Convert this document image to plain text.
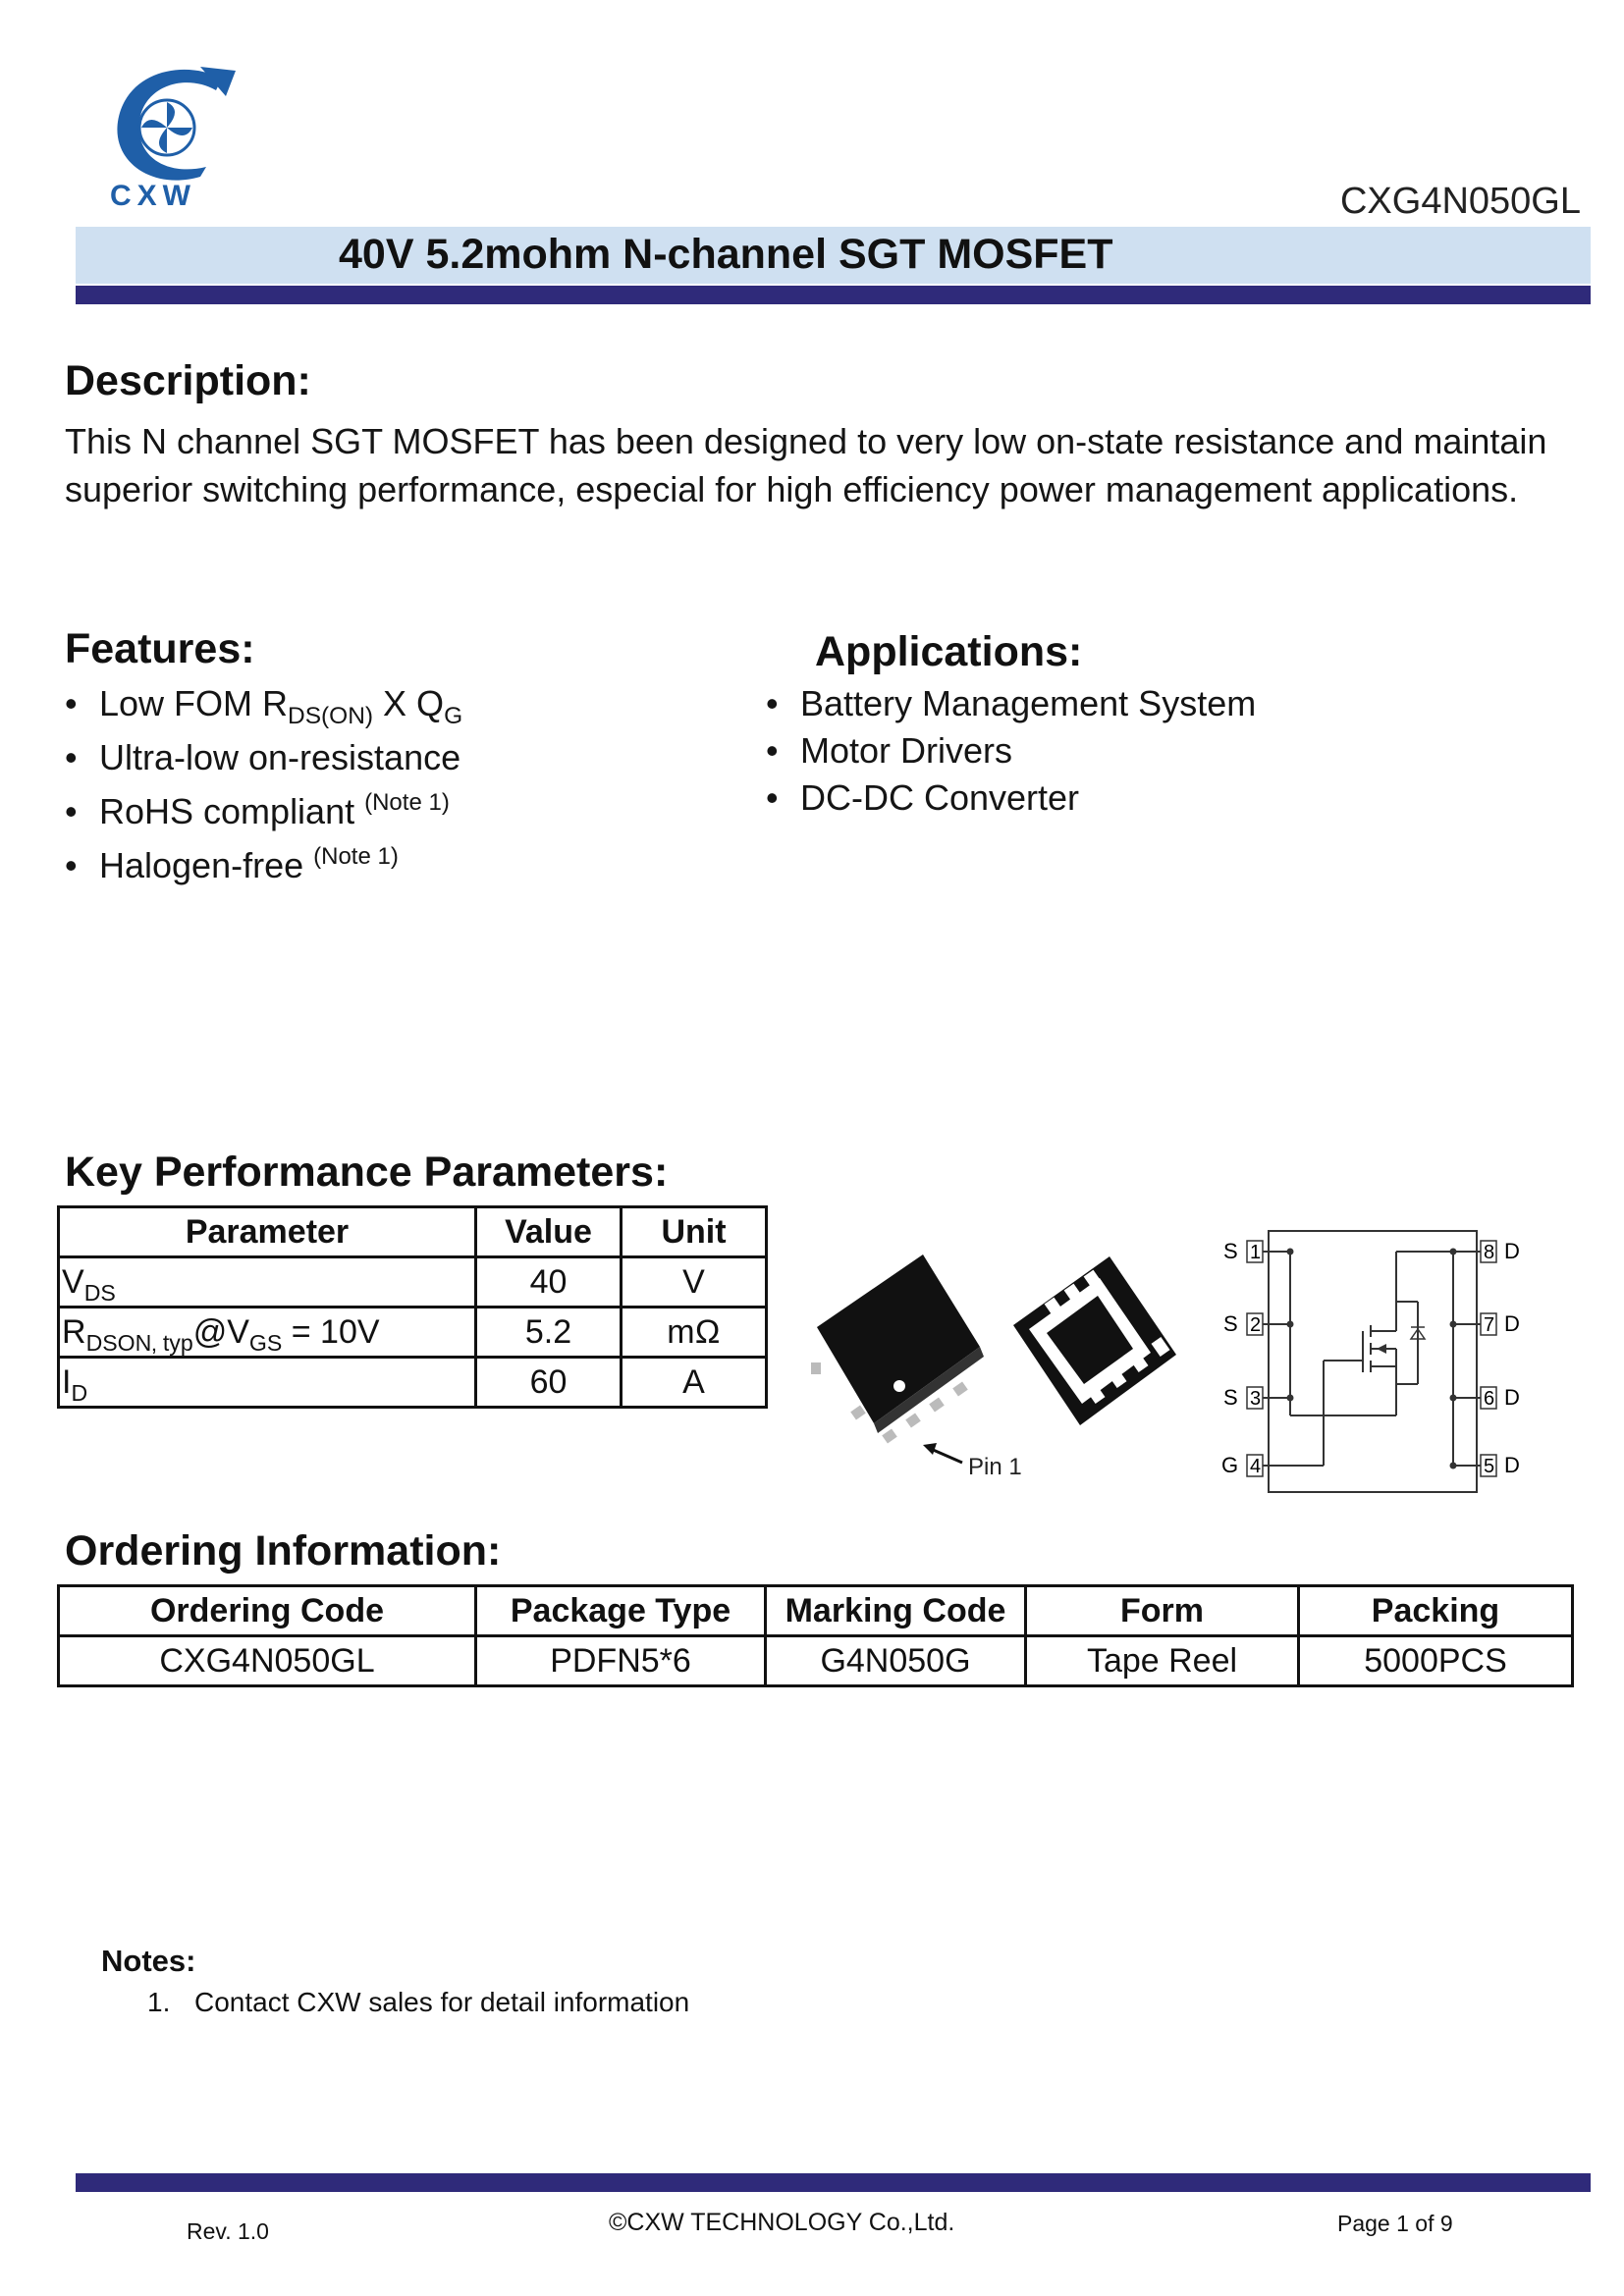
CXW	CXG4N050GL
40V 5.2mohm N-channel SGT MOSFET
Description:
This N channel SGT MOSFET has been designed to very low on-state resistance and maintain superior switching performance, especial for high efficiency power management applications.
Features:
• Low FOM $R_{DS(ON)}$ X $Q_G$
• Ultra-low on-resistance
• RoHS compliant $^{(Note 1)}$
• Halogen-free $^{(Note 1)}$
Applications:
• Battery Management System
• Motor Drivers
• DC-DC Converter
Key Performance Parameters:
Parameter	Value	Unit
$V_{DS}$	40	V
$R_{DSON‚ typ}@V_{GS} = 10V$	5.2	mΩ
$I_D$	60	A
Pin 1
S
S
S
G
1
2
3
4
8
7
6
5
D
D
D
D
Ordering Information:
Ordering Code	Package Type	Marking Code	Form	Packing
CXG4N050GL	PDFN5*6	G4N050G	Tape Reel	5000PCS
Notes:
1. Contact CXW sales for detail information
Rev. 1.0	©CXW TECHNOLOGY Co.,Ltd.	Page 1 of 9
